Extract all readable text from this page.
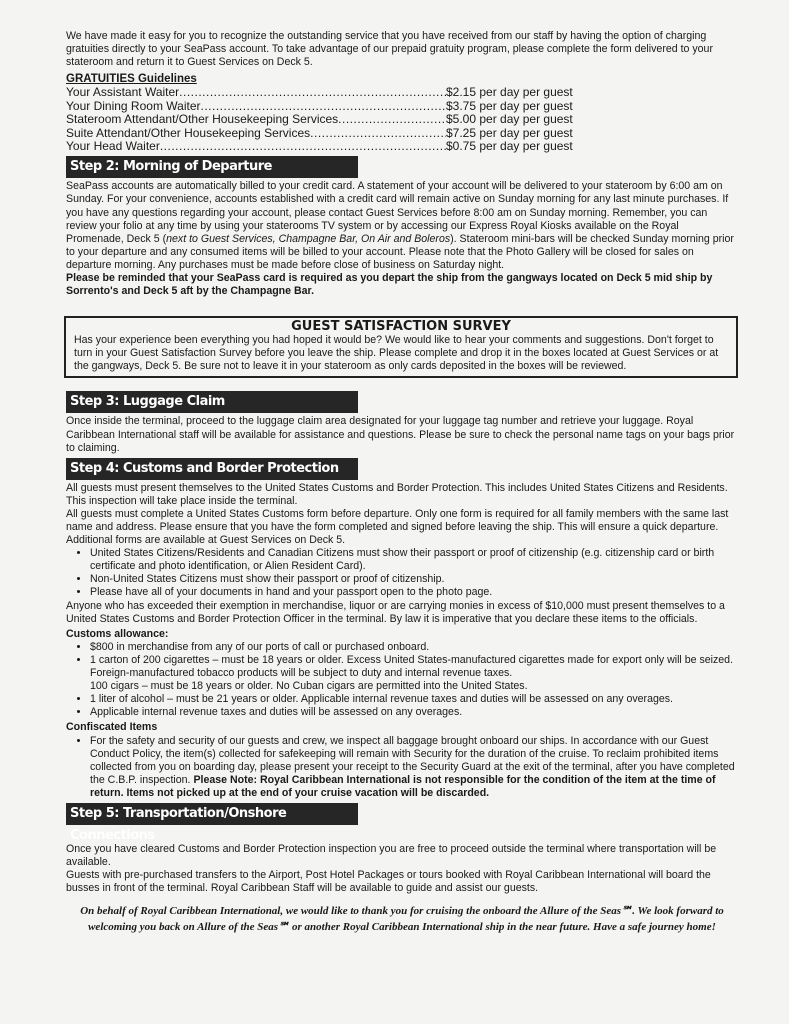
We have made it easy for you to recognize the outstanding service that you have received from our staff by having the option of charging gratuities directly to your SeaPass account. To take advantage of our prepaid gratuity program, please complete the form delivered to your stateroom and return it to Guest Services on Deck 5.

GRATUITIES Guidelines
Your Assistant Waiter .....	$2.15 per day per guest
Your Dining Room Waiter .....	$3.75 per day per guest
Stateroom Attendant/Other Housekeeping Services .....	$5.00 per day per guest
Suite Attendant/Other Housekeeping Services .....	$7.25 per day per guest
Your Head Waiter .....	$0.75 per day per guest
Step 2: Morning of Departure

SeaPass accounts are automatically billed to your credit card. A statement of your account will be delivered to your stateroom by 6:00 am on Sunday. For your convenience, accounts established with a credit card will remain active on Sunday morning for any last minute purchases. If you have any questions regarding your account, please contact Guest Services before 8:00 am on Sunday morning. Remember, you can review your folio at any time by using your staterooms TV system or by accessing our Express Royal Kiosks available on the Royal Promenade, Deck 5 (next to Guest Services, Champagne Bar, On Air and Boleros). Stateroom mini-bars will be checked Sunday morning prior to your departure and any consumed items will be billed to your account. Please note that the Photo Gallery will be closed for sales on departure morning. Any purchases must be made before close of business on Saturday night.

Please be reminded that your SeaPass card is required as you depart the ship from the gangways located on Deck 5 mid ship by Sorrento's and Deck 5 aft by the Champagne Bar.

GUEST SATISFACTION SURVEY

Has your experience been everything you had hoped it would be? We would like to hear your comments and suggestions. Don't forget to turn in your Guest Satisfaction Survey before you leave the ship. Please complete and drop it in the boxes located at Guest Services or at the gangways, Deck 5. Be sure not to leave it in your stateroom as only cards deposited in the boxes will be reviewed.

Step 3: Luggage Claim

Once inside the terminal, proceed to the luggage claim area designated for your luggage tag number and retrieve your luggage. Royal Caribbean International staff will be available for assistance and questions. Please be sure to check the personal name tags on your bags prior to claiming.

Step 4: Customs and Border Protection

All guests must present themselves to the United States Customs and Border Protection. This includes United States Citizens and Residents. This inspection will take place inside the terminal.

All guests must complete a United States Customs form before departure. Only one form is required for all family members with the same last name and address. Please ensure that you have the form completed and signed before leaving the ship. This will ensure a quick departure. Additional forms are available at Guest Services on Deck 5.

• United States Citizens/Residents and Canadian Citizens must show their passport or proof of citizenship (e.g. citizenship card or birth certificate and photo identification, or Alien Resident Card).
• Non-United States Citizens must show their passport or proof of citizenship.
• Please have all of your documents in hand and your passport open to the photo page.

Anyone who has exceeded their exemption in merchandise, liquor or are carrying monies in excess of $10,000 must present themselves to a United States Customs and Border Protection Officer in the terminal. By law it is imperative that you declare these items to the officials.

Customs allowance:
• $800 in merchandise from any of our ports of call or purchased onboard.
• 1 carton of 200 cigarettes – must be 18 years or older. Excess United States-manufactured cigarettes made for export only will be seized. Foreign-manufactured tobacco products will be subject to duty and internal revenue taxes.

100 cigars – must be 18 years or older. No Cuban cigars are permitted into the United States.

• 1 liter of alcohol – must be 21 years or older. Applicable internal revenue taxes and duties will be assessed on any overages.
• Applicable internal revenue taxes and duties will be assessed on any overages.
Confiscated Items
• For the safety and security of our guests and crew, we inspect all baggage brought onboard our ships. In accordance with our Guest Conduct Policy, the item(s) collected for safekeeping will remain with Security for the duration of the cruise. To reclaim prohibited items collected from you on boarding day, please present your receipt to the Security Guard at the exit of the terminal, after you have completed the C.B.P. inspection. Please Note: Royal Caribbean International is not responsible for the condition of the item at the time of return. Items not picked up at the end of your cruise vacation will be discarded.
Step 5: Transportation/Onshore Connections

Once you have cleared Customs and Border Protection inspection you are free to proceed outside the terminal where transportation will be available.

Guests with pre-purchased transfers to the Airport, Post Hotel Packages or tours booked with Royal Caribbean International will board the busses in front of the terminal. Royal Caribbean Staff will be available to guide and assist our guests.

On behalf of Royal Caribbean International, we would like to thank you for cruising the onboard the Allure of the Seas℠. We look forward to welcoming you back on Allure of the Seas℠ or another Royal Caribbean International ship in the near future. Have a safe journey home!
